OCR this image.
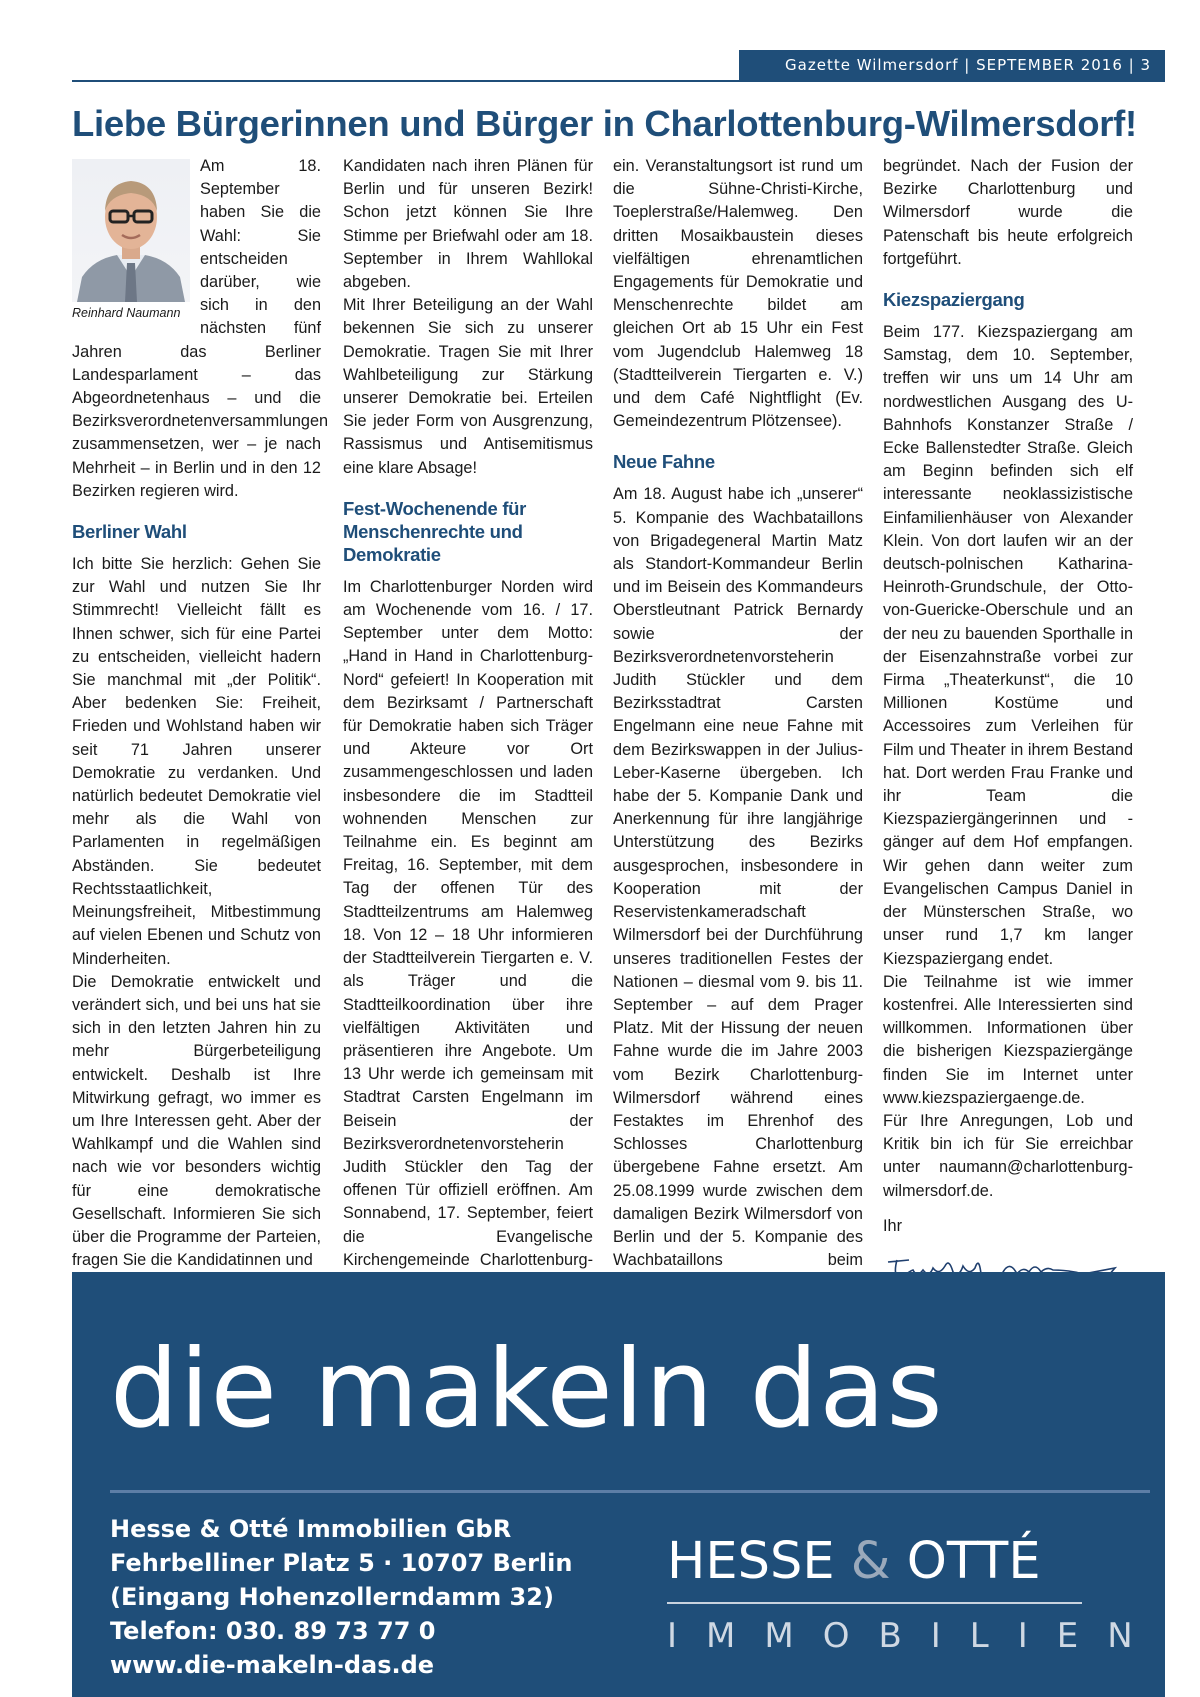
Gazette Wilmersdorf | SEPTEMBER 2016 | 3
Liebe Bürgerinnen und Bürger in Charlottenburg-Wilmersdorf!
Reinhard Naumann

Am 18. September haben Sie die Wahl: Sie entscheiden darüber, wie sich in den nächsten fünf Jahren das Berliner Landesparlament – das Abgeordnetenhaus – und die Bezirksverordnetenversammlungen zusammensetzen, wer – je nach Mehrheit – in Berlin und in den 12 Bezirken regieren wird.

Berliner Wahl

Ich bitte Sie herzlich: Gehen Sie zur Wahl und nutzen Sie Ihr Stimmrecht! Vielleicht fällt es Ihnen schwer, sich für eine Partei zu entscheiden, vielleicht hadern Sie manchmal mit „der Politik“. Aber bedenken Sie: Freiheit, Frieden und Wohlstand haben wir seit 71 Jahren unserer Demokratie zu verdanken. Und natürlich bedeutet Demokratie viel mehr als die Wahl von Parlamenten in regelmäßigen Abständen. Sie bedeutet Rechtsstaatlichkeit, Meinungsfreiheit, Mitbestimmung auf vielen Ebenen und Schutz von Minderheiten.

Die Demokratie entwickelt und verändert sich, und bei uns hat sie sich in den letzten Jahren hin zu mehr Bürgerbeteiligung entwickelt. Deshalb ist Ihre Mitwirkung gefragt, wo immer es um Ihre Interessen geht. Aber der Wahlkampf und die Wahlen sind nach wie vor besonders wichtig für eine demokratische Gesellschaft. Informieren Sie sich über die Programme der Parteien, fragen Sie die Kandidatinnen und

Kandidaten nach ihren Plänen für Berlin und für unseren Bezirk! Schon jetzt können Sie Ihre Stimme per Briefwahl oder am 18. September in Ihrem Wahllokal abgeben.

Mit Ihrer Beteiligung an der Wahl bekennen Sie sich zu unserer Demokratie. Tragen Sie mit Ihrer Wahlbeteiligung zur Stärkung unserer Demokratie bei. Erteilen Sie jeder Form von Ausgrenzung, Rassismus und Antisemitismus eine klare Absage!

Fest-Wochenende für Menschenrechte und Demokratie

Im Charlottenburger Norden wird am Wochenende vom 16. / 17. September unter dem Motto: „Hand in Hand in Charlottenburg-Nord“ gefeiert! In Kooperation mit dem Bezirksamt / Partnerschaft für Demokratie haben sich Träger und Akteure vor Ort zusammengeschlossen und laden insbesondere die im Stadtteil wohnenden Menschen zur Teilnahme ein. Es beginnt am Freitag, 16. September, mit dem Tag der offenen Tür des Stadtteilzentrums am Halemweg 18. Von 12 – 18 Uhr informieren der Stadtteilverein Tiergarten e. V. als Träger und die Stadtteilkoordination über ihre vielfältigen Aktivitäten und präsentieren ihre Angebote. Um 13 Uhr werde ich gemeinsam mit Stadtrat Carsten Engelmann im Beisein der Bezirksverordnetenvorsteherin Judith Stückler den Tag der offenen Tür offiziell eröffnen. Am Sonnabend, 17. September, feiert die Evangelische Kirchengemeinde Charlottenburg-

ein. Veranstaltungsort ist rund um die Sühne-Christi-Kirche, Toeplerstraße/Halemweg. Den dritten Mosaikbaustein dieses vielfältigen ehrenamtlichen Engagements für Demokratie und Menschenrechte bildet am gleichen Ort ab 15 Uhr ein Fest vom Jugendclub Halemweg 18 (Stadtteilverein Tiergarten e. V.) und dem Café Nightflight (Ev. Gemeindezentrum Plötzensee).

Neue Fahne

Am 18. August habe ich „unserer“ 5. Kompanie des Wachbataillons von Brigadegeneral Martin Matz als Standort-Kommandeur Berlin und im Beisein des Kommandeurs Oberstleutnant Patrick Bernardy sowie der Bezirksverordnetenvorsteherin Judith Stückler und dem Bezirksstadtrat Carsten Engelmann eine neue Fahne mit dem Bezirkswappen in der Julius-Leber-Kaserne übergeben. Ich habe der 5. Kompanie Dank und Anerkennung für ihre langjährige Unterstützung des Bezirks ausgesprochen, insbesondere in Kooperation mit der Reservistenkameradschaft Wilmersdorf bei der Durchführung unseres traditionellen Festes der Nationen – diesmal vom 9. bis 11. September – auf dem Prager Platz. Mit der Hissung der neuen Fahne wurde die im Jahre 2003 vom Bezirk Charlottenburg-Wilmersdorf während eines Festaktes im Ehrenhof des Schlosses Charlottenburg übergebene Fahne ersetzt. Am 25.08.1999 wurde zwischen dem damaligen Bezirk Wilmersdorf von Berlin und der 5. Kompanie des Wachbataillons beim

begründet. Nach der Fusion der Bezirke Charlottenburg und Wilmersdorf wurde die Patenschaft bis heute erfolgreich fortgeführt.

Kiezspaziergang

Beim 177. Kiezspaziergang am Samstag, dem 10. September, treffen wir uns um 14 Uhr am nordwestlichen Ausgang des U-Bahnhofs Konstanzer Straße / Ecke Ballenstedter Straße. Gleich am Beginn befinden sich elf interessante neoklassizistische Einfamilienhäuser von Alexander Klein. Von dort laufen wir an der deutsch-polnischen Katharina-Heinroth-Grundschule, der Otto-von-Guericke-Oberschule und an der neu zu bauenden Sporthalle in der Eisenzahnstraße vorbei zur Firma „Theaterkunst“, die 10 Millionen Kostüme und Accessoires zum Verleihen für Film und Theater in ihrem Bestand hat. Dort werden Frau Franke und ihr Team die Kiezspaziergängerinnen und -gänger auf dem Hof empfangen. Wir gehen dann weiter zum Evangelischen Campus Daniel in der Münsterschen Straße, wo unser rund 1,7 km langer Kiezspaziergang endet.

Die Teilnahme ist wie immer kostenfrei. Alle Interessierten sind willkommen. Informationen über die bisherigen Kiezspaziergänge finden Sie im Internet unter www.kiezspaziergaenge.de.

Für Ihre Anregungen, Lob und Kritik bin ich für Sie erreichbar unter naumann@charlottenburg-wilmersdorf.de.

Ihr

die makeln das
Hesse & Otté Immobilien GbR
Fehrbelliner Platz 5 · 10707 Berlin
(Eingang Hohenzollerndamm 32)
Telefon: 030. 89 73 77 0
www.die-makeln-das.de
HESSE & OTTÉ
IMMOBILIEN
